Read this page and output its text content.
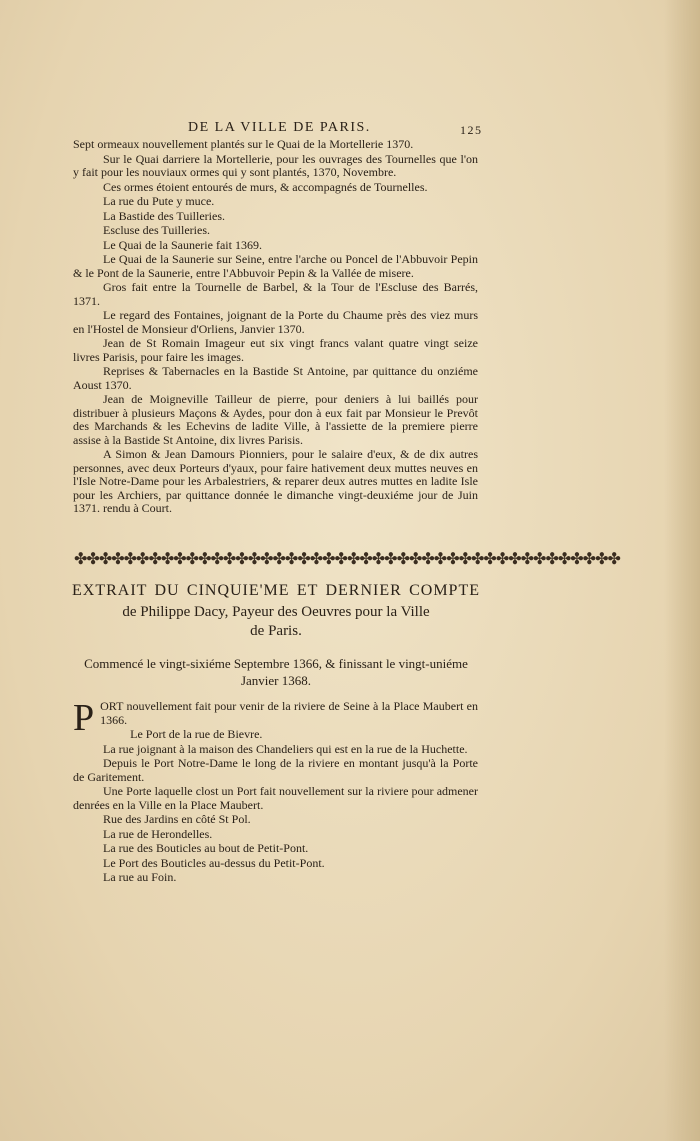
DE LA VILLE DE PARIS.	125

Sept ormeaux nouvellement plantés sur le Quai de la Mortellerie 1370.

Sur le Quai darriere la Mortellerie, pour les ouvrages des Tournelles que l'on y fait pour les nouviaux ormes qui y sont plantés, 1370, Novembre.

Ces ormes étoient entourés de murs, & accompagnés de Tournelles.

La rue du Pute y muce.

La Bastide des Tuilleries.

Escluse des Tuilleries.

Le Quai de la Saunerie fait 1369.

Le Quai de la Saunerie sur Seine, entre l'arche ou Poncel de l'Abbuvoir Pepin & le Pont de la Saunerie, entre l'Abbuvoir Pepin & la Vallée de misere.

Gros fait entre la Tournelle de Barbel, & la Tour de l'Escluse des Barrés, 1371.

Le regard des Fontaines, joignant de la Porte du Chaume près des viez murs en l'Hostel de Monsieur d'Orliens, Janvier 1370.

Jean de St Romain Imageur eut six vingt francs valant quatre vingt seize livres Parisis, pour faire les images.

Reprises & Tabernacles en la Bastide St Antoine, par quittance du onziéme Aoust 1370.

Jean de Moigneville Tailleur de pierre, pour deniers à lui baillés pour distribuer à plusieurs Maçons & Aydes, pour don à eux fait par Monsieur le Prevôt des Marchands & les Echevins de ladite Ville, à l'assiette de la premiere pierre assise à la Bastide St Antoine, dix livres Parisis.

A Simon & Jean Damours Pionniers, pour le salaire d'eux, & de dix autres personnes, avec deux Porteurs d'yaux, pour faire hativement deux muttes neuves en l'Isle Notre-Dame pour les Arbalestriers, & reparer deux autres muttes en ladite Isle pour les Archiers, par quittance donnée le dimanche vingt-deuxiéme jour de Juin 1371. rendu à Court.

✤✤✤✤✤✤✤✤✤✤✤✤✤✤✤✤✤✤✤✤✤✤✤✤✤✤✤✤✤✤✤✤✤✤✤✤✤✤✤✤✤✤✤✤
EXTRAIT DU CINQUIE'ME ET DERNIER COMPTE
de Philippe Dacy, Payeur des Oeuvres pour la Ville
de Paris.
Commencé le vingt-sixiéme Septembre 1366, & finissant le vingt-uniéme
Janvier 1368.

P ORT nouvellement fait pour venir de la riviere de Seine à la Place Maubert en 1366.

Le Port de la rue de Bievre.

La rue joignant à la maison des Chandeliers qui est en la rue de la Huchette.

Depuis le Port Notre-Dame le long de la riviere en montant jusqu'à la Porte de Garitement.

Une Porte laquelle clost un Port fait nouvellement sur la riviere pour admener denrées en la Ville en la Place Maubert.

Rue des Jardins en côté St Pol.

La rue de Herondelles.

La rue des Bouticles au bout de Petit-Pont.

Le Port des Bouticles au-dessus du Petit-Pont.

La rue au Foin.
